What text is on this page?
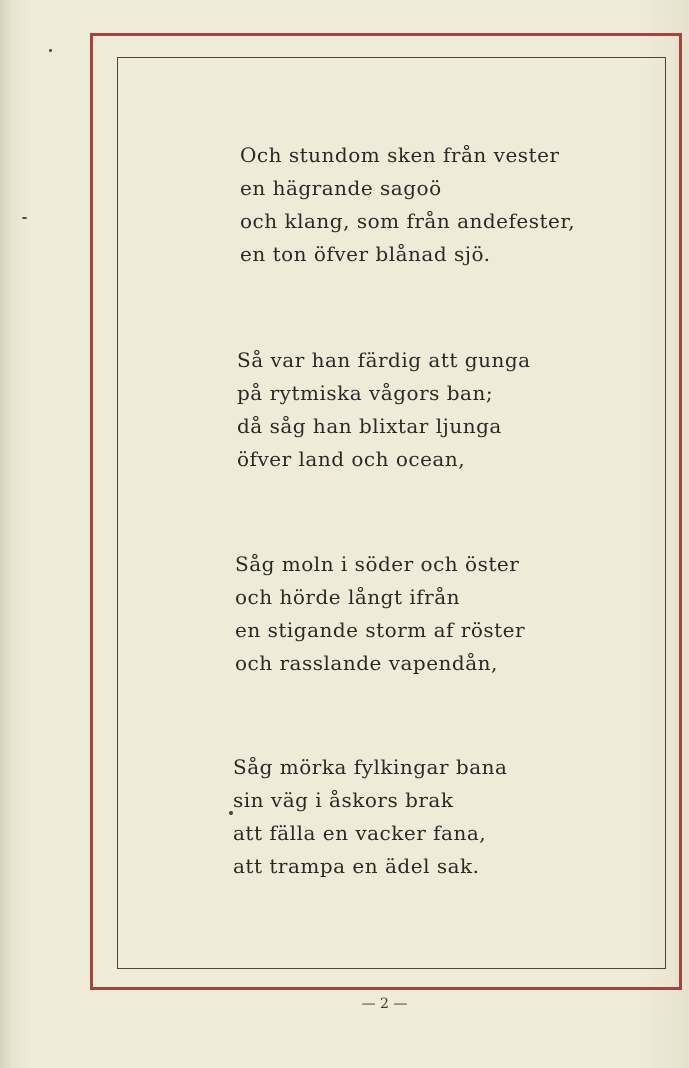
Och stundom sken från vester
en hägrande sagoö
och klang, som från andefester,
en ton öfver blånad sjö.
Så var han färdig att gunga
på rytmiska vågors ban;
då såg han blixtar ljunga
öfver land och ocean,
Såg moln i söder och öster
och hörde långt ifrån
en stigande storm af röster
och rasslande vapendån,
Såg mörka fylkingar bana
sin väg i åskors brak
att fälla en vacker fana,
att trampa en ädel sak.
— 2 —
